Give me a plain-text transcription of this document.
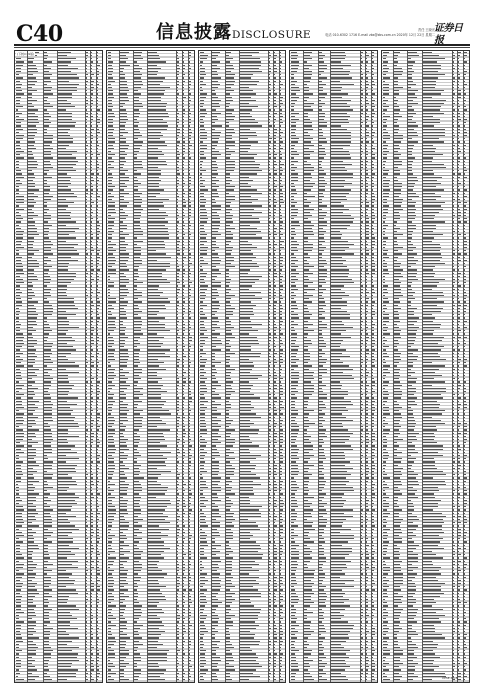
C40	信息披露DISCLOSURE	责任 王晓光
电话 010-6302 1716 E-mail zbs@zbs.com.cn 2020年 12月 22日 星期二
证券日报
(下转C39版)
CPSE-15-B
